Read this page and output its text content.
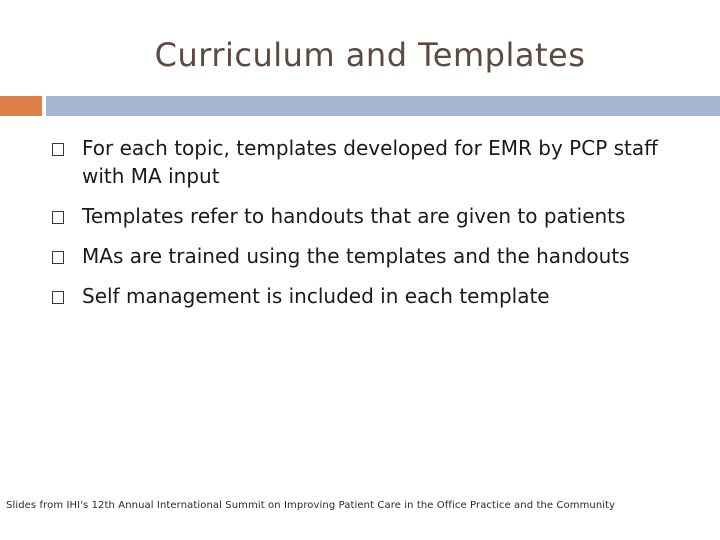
Curriculum and Templates
For each topic, templates developed for EMR by PCP staff with MA input
Templates refer to handouts that are given to patients
MAs are trained using the templates and the handouts
Self management is included in each template
Slides from IHI's 12th Annual International Summit on Improving Patient Care in the Office Practice and the Community
